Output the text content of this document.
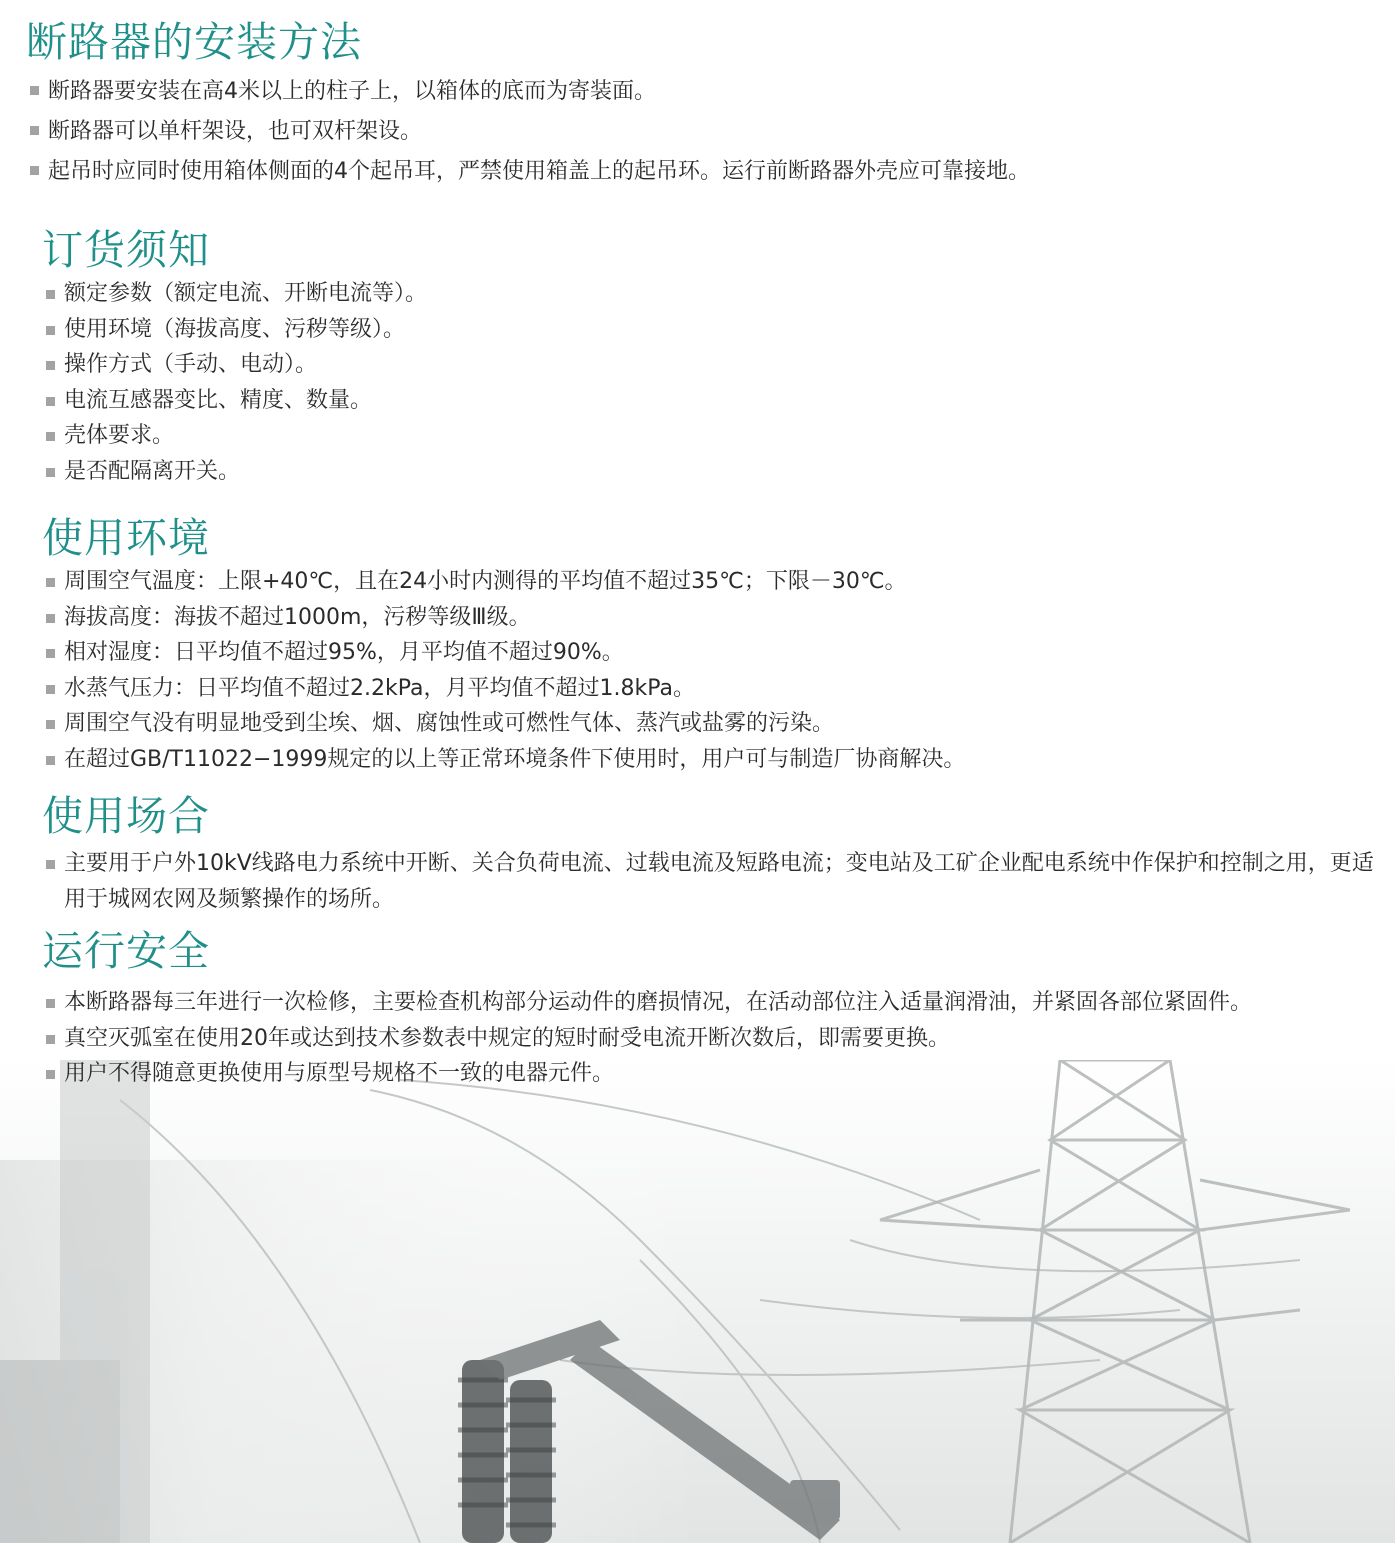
断路器的安装方法
断路器要安装在高4米以上的柱子上，以箱体的底而为寄装面。
断路器可以单杆架设，也可双杆架设。
起吊时应同时使用箱体侧面的4个起吊耳，严禁使用箱盖上的起吊环。运行前断路器外壳应可靠接地。
订货须知
额定参数（额定电流、开断电流等）。
使用环境（海拔高度、污秽等级）。
操作方式（手动、电动）。
电流互感器变比、精度、数量。
壳体要求。
是否配隔离开关。
使用环境
周围空气温度：上限+40℃，且在24小时内测得的平均值不超过35℃；下限－30℃。
海拔高度：海拔不超过1000m，污秽等级Ⅲ级。
相对湿度：日平均值不超过95%，月平均值不超过90%。
水蒸气压力：日平均值不超过2.2kPa，月平均值不超过1.8kPa。
周围空气没有明显地受到尘埃、烟、腐蚀性或可燃性气体、蒸汽或盐雾的污染。
在超过GB/T11022−1999规定的以上等正常环境条件下使用时，用户可与制造厂协商解决。
使用场合
主要用于户外10kV线路电力系统中开断、关合负荷电流、过载电流及短路电流；变电站及工矿企业配电系统中作保护和控制之用，更适用于城网农网及频繁操作的场所。
运行安全
本断路器每三年进行一次检修，主要检查机构部分运动件的磨损情况，在活动部位注入适量润滑油，并紧固各部位紧固件。
真空灭弧室在使用20年或达到技术参数表中规定的短时耐受电流开断次数后，即需要更换。
用户不得随意更换使用与原型号规格不一致的电器元件。
